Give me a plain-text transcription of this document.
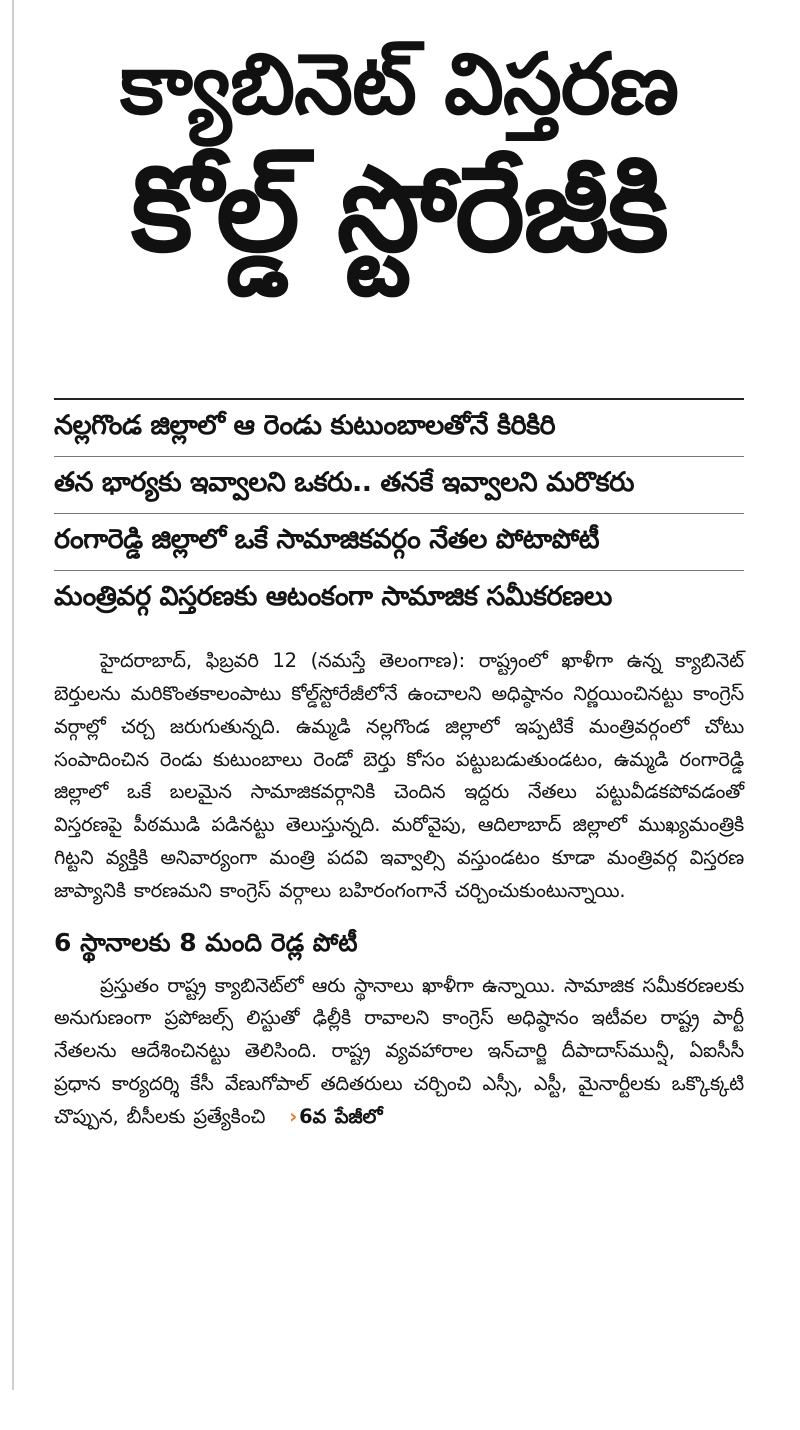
క్యాబినెట్ విస్తరణ
కోల్డ్ స్టోరేజీకి
నల్లగొండ జిల్లాలో ఆ రెండు కుటుంబాలతోనే కిరికిరి
తన భార్యకు ఇవ్వాలని ఒకరు.. తనకే ఇవ్వాలని మరొకరు
రంగారెడ్డి జిల్లాలో ఒకే సామాజికవర్గం నేతల పోటాపోటీ
మంత్రివర్గ విస్తరణకు ఆటంకంగా సామాజిక సమీకరణలు

హైదరాబాద్, ఫిబ్రవరి 12 (నమస్తే తెలంగాణ): రాష్ట్రంలో ఖాళీగా ఉన్న క్యాబినెట్ బెర్తులను మరికొంతకాలంపాటు కోల్డ్‌స్టోరేజీలోనే ఉంచాలని అధిష్ఠానం నిర్ణయించినట్టు కాంగ్రెస్ వర్గాల్లో చర్చ జరుగుతున్నది. ఉమ్మడి నల్లగొండ జిల్లాలో ఇప్పటికే మంత్రివర్గంలో చోటు సంపాదించిన రెండు కుటుంబాలు రెండో బెర్తు కోసం పట్టుబడుతుండటం, ఉమ్మడి రంగారెడ్డి జిల్లాలో ఒకే బలమైన సామాజికవర్గానికి చెందిన ఇద్దరు నేతలు పట్టువీడకపోవడంతో విస్తరణపై పీఠముడి పడినట్టు తెలుస్తున్నది. మరోవైపు, ఆదిలాబాద్ జిల్లాలో ముఖ్యమంత్రికి గిట్టని వ్యక్తికి అనివార్యంగా మంత్రి పదవి ఇవ్వాల్సి వస్తుండటం కూడా మంత్రివర్గ విస్తరణ జాప్యానికి కారణమని కాంగ్రెస్ వర్గాలు బహిరంగంగానే చర్చించుకుంటున్నాయి.

6 స్థానాలకు 8 మంది రెడ్ల పోటీ

ప్రస్తుతం రాష్ట్ర క్యాబినెట్‌లో ఆరు స్థానాలు ఖాళీగా ఉన్నాయి. సామాజిక సమీకరణలకు అనుగుణంగా ప్రపోజల్స్ లిస్టుతో ఢిల్లీకి రావాలని కాంగ్రెస్ అధిష్ఠానం ఇటీవల రాష్ట్ర పార్టీ నేతలను ఆదేశించినట్టు తెలిసింది. రాష్ట్ర వ్యవహారాల ఇన్‌చార్జి దీపాదాస్‌మున్షీ, ఏఐసీసీ ప్రధాన కార్యదర్శి కేసీ వేణుగోపాల్ తదితరులు చర్చించి ఎస్సీ, ఎస్టీ, మైనార్టీలకు ఒక్కొక్కటి చొప్పున, బీసీలకు ప్రత్యేకించి › 6వ పేజీలో
